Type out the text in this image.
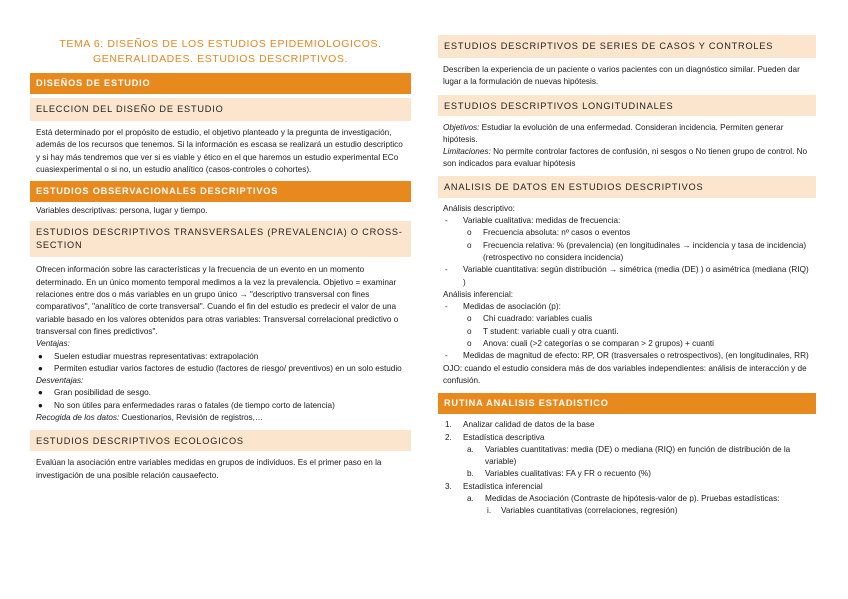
TEMA 6: DISEÑOS DE LOS ESTUDIOS EPIDEMIOLOGICOS.
GENERALIDADES. ESTUDIOS DESCRIPTIVOS.
DISEÑOS DE ESTUDIO
ELECCION DEL DISEÑO DE ESTUDIO

Está determinado por el propósito de estudio, el objetivo planteado y la pregunta de investigación, además de los recursos que tenemos. Si la información es escasa se realizará un estudio descriptico y si hay más tendremos que ver si es viable y ético en el que haremos un estudio experimental ECo cuasiexperimental o si no, un estudio analítico (casos-controles o cohortes).

ESTUDIOS OBSERVACIONALES DESCRIPTIVOS

Variables descriptivas: persona, lugar y tiempo.

ESTUDIOS DESCRIPTIVOS TRANSVERSALES (PREVALENCIA) O CROSS-SECTION

Ofrecen información sobre las características y la frecuencia de un evento en un momento determinado. En un único momento temporal medimos a la vez la prevalencia. Objetivo = examinar relaciones entre dos o más variables en un grupo único → "descriptivo transversal con fines comparativos", "analítico de corte transversal". Cuando el fin del estudio es predecir el valor de una variable basado en los valores obtenidos para otras variables: Transversal correlacional predictivo o transversal con fines predictivos".

Ventajas:

● Suelen estudiar muestras representativas: extrapolación
● Permiten estudiar varios factores de estudio (factores de riesgo/ preventivos) en un solo estudio

Desventajas:

● Gran posibilidad de sesgo.
● No son útiles para enfermedades raras o fatales (de tiempo corto de latencia)

Recogida de los datos: Cuestionarios, Revisión de registros,…

ESTUDIOS DESCRIPTIVOS ECOLOGICOS

Evalúan la asociación entre variables medidas en grupos de individuos. Es el primer paso en la investigación de una posible relación causaefecto.

ESTUDIOS DESCRIPTIVOS DE SERIES DE CASOS Y CONTROLES

Describen la experiencia de un paciente o varios pacientes con un diagnóstico similar. Pueden dar lugar a la formulación de nuevas hipótesis.

ESTUDIOS DESCRIPTIVOS LONGITUDINALES

Objetivos: Estudiar la evolución de una enfermedad. Consideran incidencia. Permiten generar hipótesis.

Limitaciones: No permite controlar factores de confusión, ni sesgos o No tienen grupo de control. No son indicados para evaluar hipótesis

ANALISIS DE DATOS EN ESTUDIOS DESCRIPTIVOS

Análisis descriptivo:

- Variable cualitativa: medidas de frecuencia:
o Frecuencia absoluta: nº casos o eventos
o Frecuencia relativa: % (prevalencia) (en longitudinales → incidencia y tasa de incidencia) (retrospectivo no considera incidencia)
- Variable cuantitativa: según distribución → simétrica (media (DE) ) o asimétrica (mediana (RIQ) )

Análisis inferencial:

- Medidas de asociación (p):
o Chi cuadrado: variables cualis
o T student: variable cuali y otra cuanti.
o Anova: cuali (>2 categorías o se comparan > 2 grupos) + cuanti
- Medidas de magnitud de efecto: RP, OR (trasversales o retrospectivos), (en longitudinales, RR)

OJO: cuando el estudio considera más de dos variables independientes: análisis de interacción y de confusión.

RUTINA ANALISIS ESTADISTICO
1. Analizar calidad de datos de la base
2. Estadística descriptiva
a. Variables cuantitativas: media (DE) o mediana (RIQ) en función de distribución de la variable)
b. Variables cualitativas: FA y FR o recuento (%)
3. Estadística inferencial
a. Medidas de Asociación (Contraste de hipótesis-valor de p). Pruebas estadísticas:
i. Variables cuantitativas (correlaciones, regresión)
